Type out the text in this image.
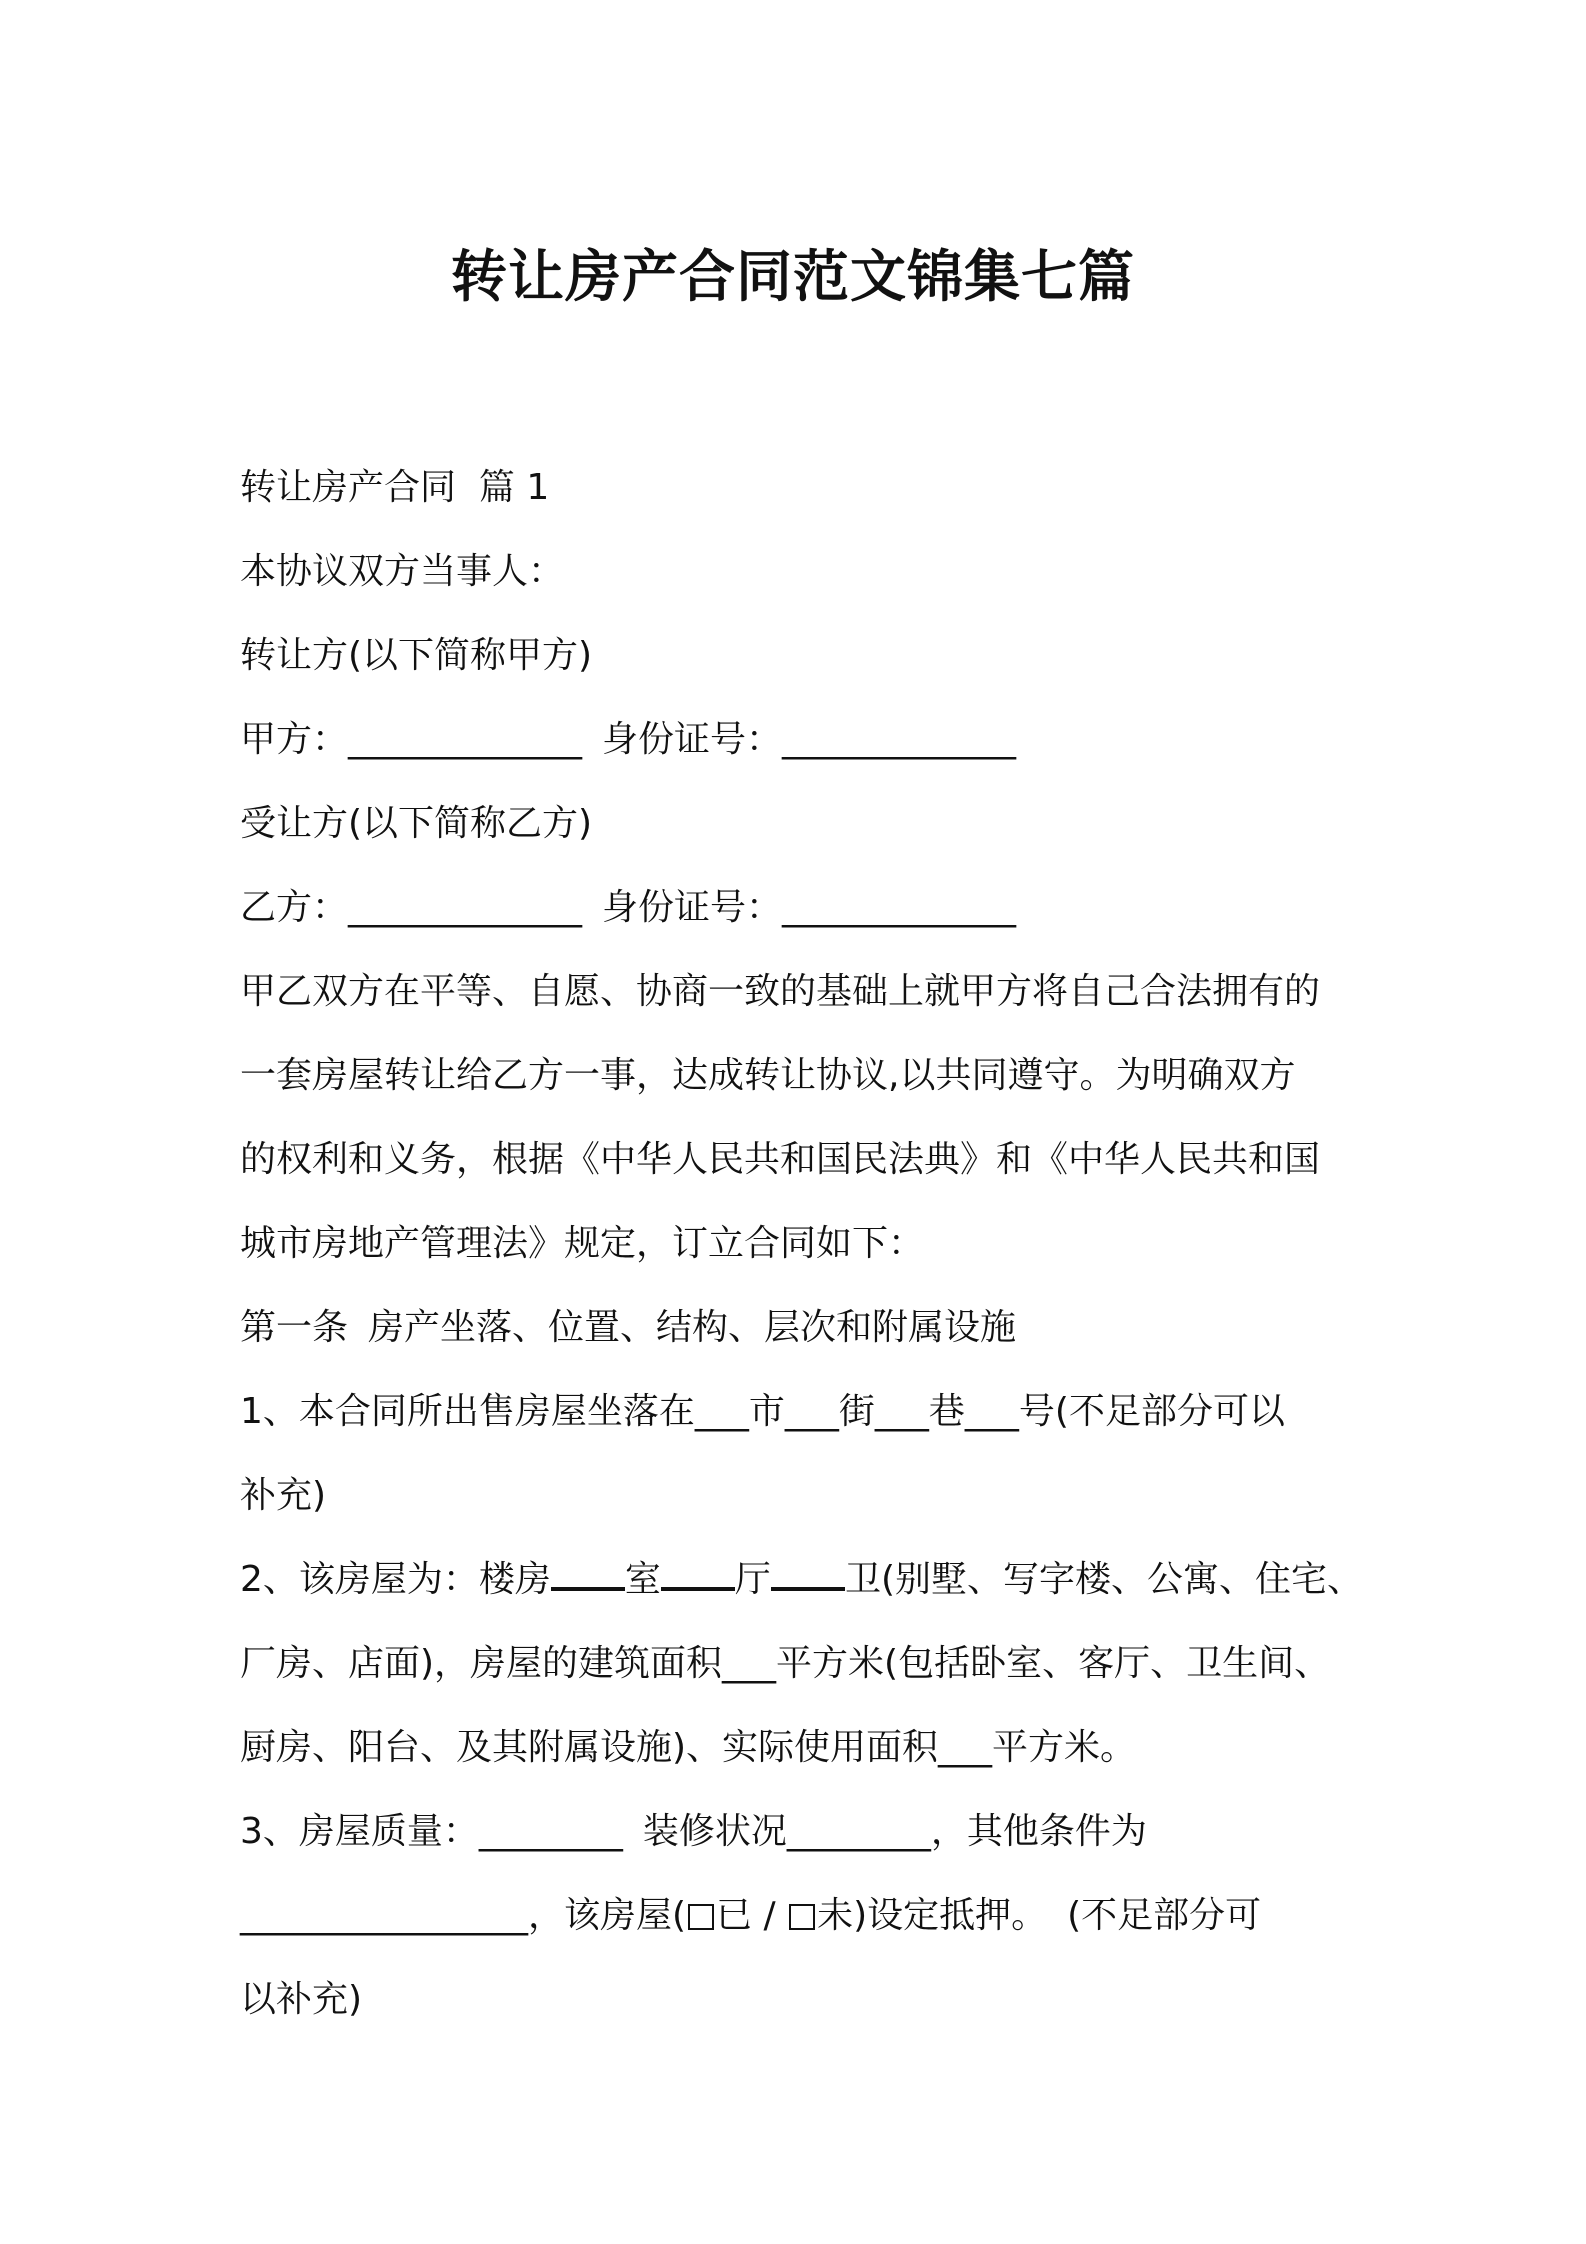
转让房产合同范文锦集七篇

转让房产合同  篇 1

本协议双方当事人：

转让方(以下简称甲方)

甲方：_____________ 身份证号：_____________

受让方(以下简称乙方)

乙方：_____________ 身份证号：_____________

甲乙双方在平等、自愿、协商一致的基础上就甲方将自己合法拥有的

一套房屋转让给乙方一事，达成转让协议,以共同遵守。为明确双方

的权利和义务，根据《中华人民共和国民法典》和《中华人民共和国

城市房地产管理法》规定，订立合同如下：

第一条 房产坐落、位置、结构、层次和附属设施

1、本合同所出售房屋坐落在___市___街___巷___号(不足部分可以

补充)

2、该房屋为：楼房 室 厅 卫(别墅、写字楼、公寓、住宅、

厂房、店面)，房屋的建筑面积___平方米(包括卧室、客厅、卫生间、

厨房、阳台、及其附属设施)、实际使用面积___平方米。

3、房屋质量：________ 装修状况________，其他条件为

________________，该房屋( 已 / 未)设定抵押。 (不足部分可

以补充)
